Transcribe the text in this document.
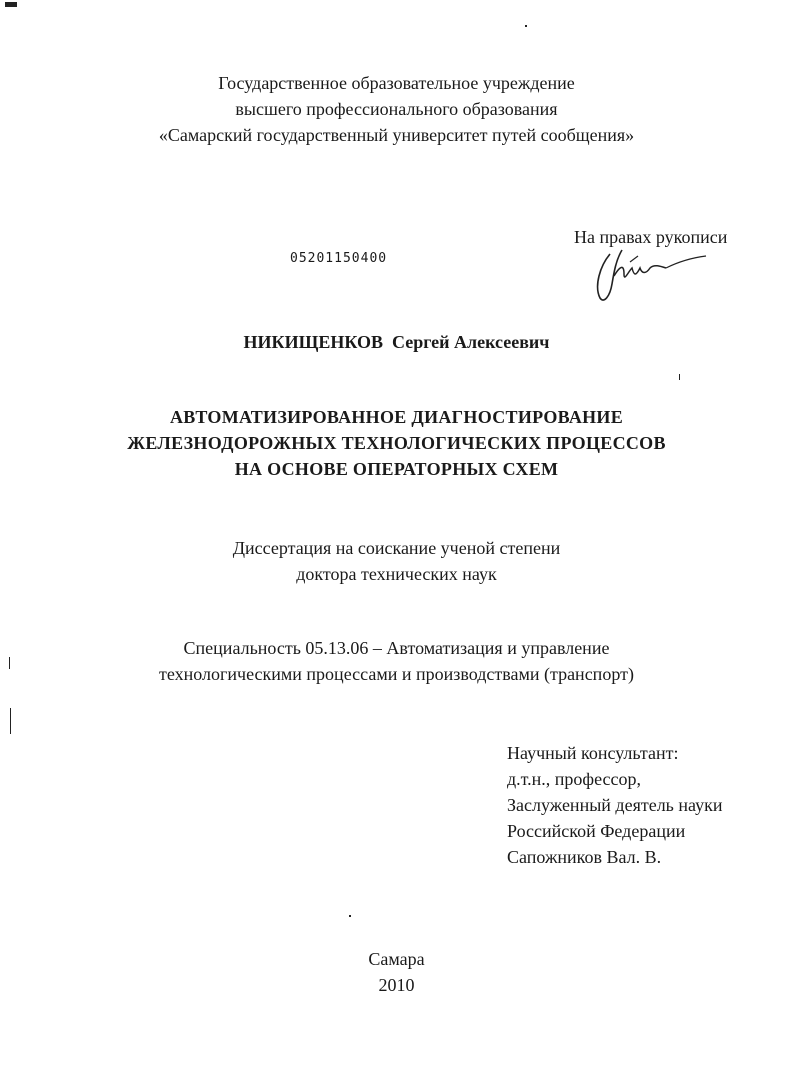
Государственное образовательное учреждение
высшего профессионального образования
«Самарский государственный университет путей сообщения»
На правах рукописи
05201150400
НИКИЩЕНКОВ Сергей Алексеевич
АВТОМАТИЗИРОВАННОЕ ДИАГНОСТИРОВАНИЕ
ЖЕЛЕЗНОДОРОЖНЫХ ТЕХНОЛОГИЧЕСКИХ ПРОЦЕССОВ
НА ОСНОВЕ ОПЕРАТОРНЫХ СХЕМ
Диссертация на соискание ученой степени
доктора технических наук
Специальность 05.13.06 – Автоматизация и управление
технологическими процессами и производствами (транспорт)
Научный консультант:
д.т.н., профессор,
Заслуженный деятель науки
Российской Федерации
Сапожников Вал. В.
Самара
2010
